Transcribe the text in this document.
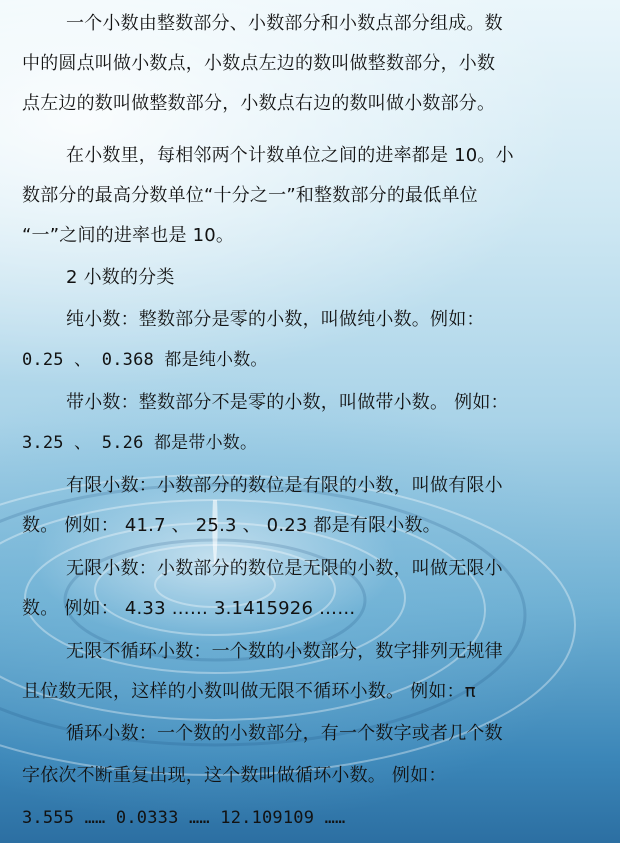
一个小数由整数部分、小数部分和小数点部分组成。数
中的圆点叫做小数点，小数点左边的数叫做整数部分，小数
点左边的数叫做整数部分，小数点右边的数叫做小数部分。
在小数里，每相邻两个计数单位之间的进率都是 10。小
数部分的最高分数单位“十分之一”和整数部分的最低单位
“一”之间的进率也是 10。
2 小数的分类
纯小数：整数部分是零的小数，叫做纯小数。例如：
0.25 、 0.368 都是纯小数。
带小数：整数部分不是零的小数，叫做带小数。 例如：
3.25 、 5.26 都是带小数。
有限小数：小数部分的数位是有限的小数，叫做有限小
数。 例如： 41.7 、 25.3 、 0.23 都是有限小数。
无限小数：小数部分的数位是无限的小数，叫做无限小
数。 例如： 4.33 …… 3.1415926 ……
无限不循环小数：一个数的小数部分，数字排列无规律
且位数无限，这样的小数叫做无限不循环小数。 例如：π
循环小数：一个数的小数部分，有一个数字或者几个数
字依次不断重复出现，这个数叫做循环小数。 例如：
3.555 …… 0.0333 …… 12.109109 ……
